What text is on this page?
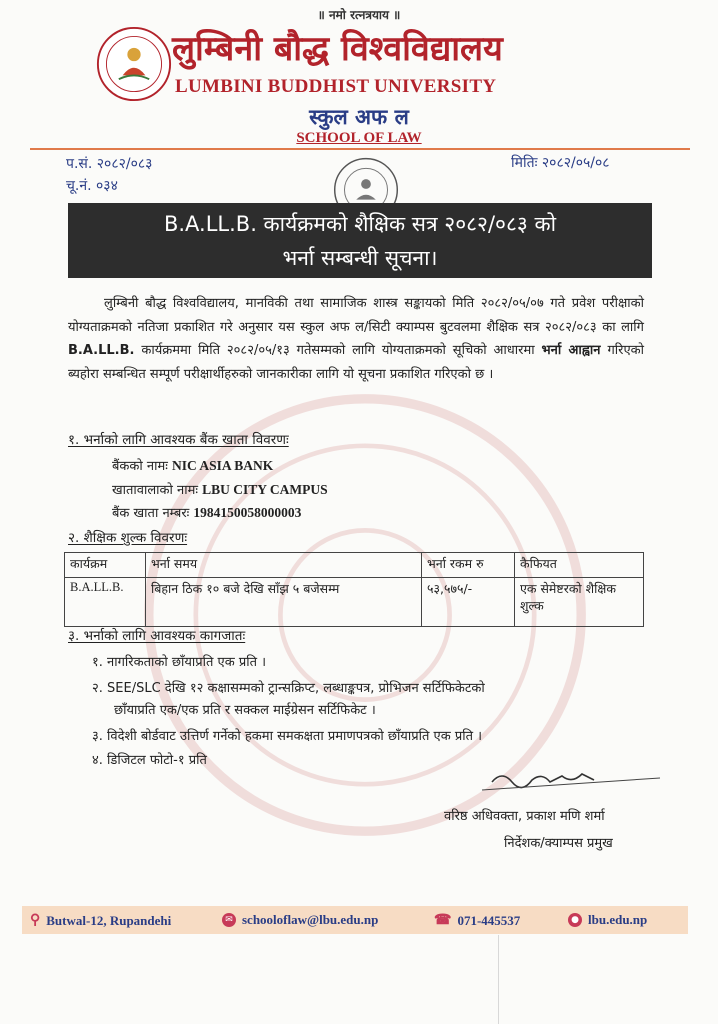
॥ नमो रत्नत्रयाय ॥
लुम्बिनी बौद्ध विश्वविद्यालय
LUMBINI BUDDHIST UNIVERSITY
स्कुल अफ ल
SCHOOL OF LAW
प.सं. २०८२/०८३
चू.नं. ०३४
मितिः २०८२/०५/०८
B.A.LL.B. कार्यक्रमको शैक्षिक सत्र २०८२/०८३ को
भर्ना सम्बन्धी सूचना।
लुम्बिनी बौद्ध विश्वविद्यालय, मानविकी तथा सामाजिक शास्त्र सङ्कायको मिति २०८२/०५/०७ गते प्रवेश परीक्षाको योग्यताक्रमको नतिजा प्रकाशित गरे अनुसार यस स्कुल अफ ल/सिटी क्याम्पस बुटवलमा शैक्षिक सत्र २०८२/०८३ का लागि B.A.LL.B. कार्यक्रममा मिति २०८२/०५/१३ गतेसम्मको लागि योग्यताक्रमको सूचिको आधारमा भर्ना आह्वान गरिएको ब्यहोरा सम्बन्धित सम्पूर्ण परीक्षार्थीहरुको जानकारीका लागि यो सूचना प्रकाशित गरिएको छ ।
१. भर्नाको लागि आवश्यक बैंक खाता विवरणः
बैंकको नामः NIC ASIA BANK
खातावालाको नामः LBU CITY CAMPUS
बैंक खाता नम्बरः 1984150058000003
२. शैक्षिक शुल्क विवरणः
कार्यक्रम	भर्ना समय	भर्ना रकम रु	कैफियत
B.A.LL.B.	बिहान ठिक १० बजे देखि साँझ ५ बजेसम्म	५३,५७५/-	एक सेमेष्टरको शैक्षिक शुल्क
३. भर्नाको लागि आवश्यक कागजातः
१. नागरिकताको छाँयाप्रति एक प्रति ।
२. SEE/SLC देखि १२ कक्षासम्मको ट्रान्सक्रिप्ट, लब्धाङ्कपत्र, प्रोभिजन सर्टिफिकेटको
छाँयाप्रति एक/एक प्रति र सक्कल माईग्रेसन सर्टिफिकेट ।
३. विदेशी बोर्डवाट उत्तिर्ण गर्नेको हकमा समकक्षता प्रमाणपत्रको छाँयाप्रति एक प्रति ।
४. डिजिटल फोटो-१ प्रति
वरिष्ठ अधिवक्ता, प्रकाश मणि शर्मा
निर्देशक/क्याम्पस प्रमुख
⚲ Butwal-12, Rupandehi	✉ schooloflaw@lbu.edu.np	☎ 071-445537	● lbu.edu.np
